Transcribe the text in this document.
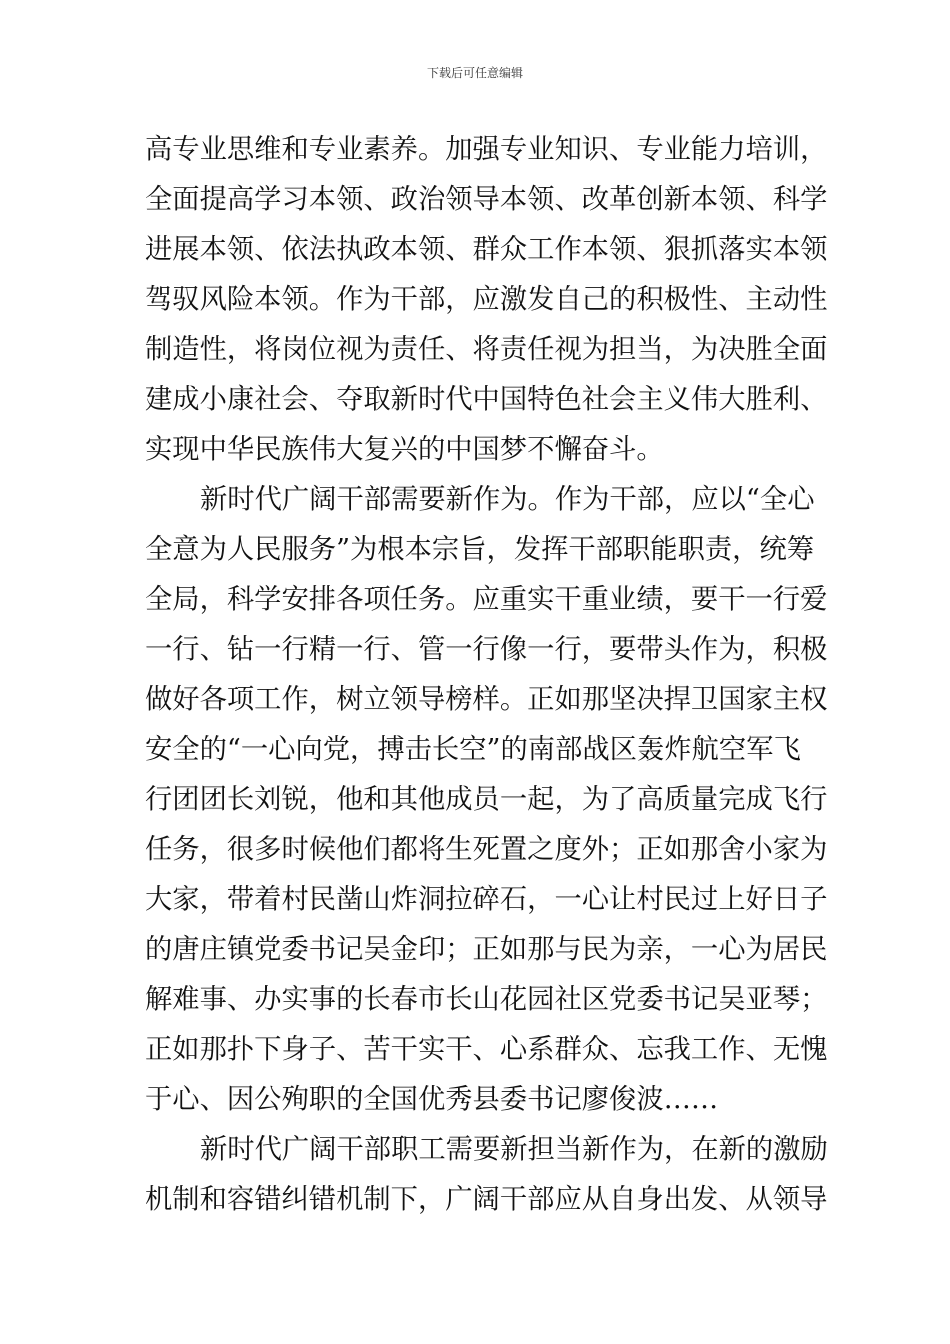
下载后可任意编辑
高专业思维和专业素养。加强专业知识、专业能力培训，
全面提高学习本领、政治领导本领、改革创新本领、科学
进展本领、依法执政本领、群众工作本领、狠抓落实本领
驾驭风险本领。作为干部，应激发自己的积极性、主动性
制造性，将岗位视为责任、将责任视为担当，为决胜全面
建成小康社会、夺取新时代中国特色社会主义伟大胜利、
实现中华民族伟大复兴的中国梦不懈奋斗。
新时代广阔干部需要新作为。作为干部，应以“全心
全意为人民服务”为根本宗旨，发挥干部职能职责，统筹
全局，科学安排各项任务。应重实干重业绩，要干一行爱
一行、钻一行精一行、管一行像一行，要带头作为，积极
做好各项工作，树立领导榜样。正如那坚决捍卫国家主权
安全的“一心向党，搏击长空”的南部战区轰炸航空军飞
行团团长刘锐，他和其他成员一起，为了高质量完成飞行
任务，很多时候他们都将生死置之度外；正如那舍小家为
大家，带着村民凿山炸洞拉碎石，一心让村民过上好日子
的唐庄镇党委书记吴金印；正如那与民为亲，一心为居民
解难事、办实事的长春市长山花园社区党委书记吴亚琴；
正如那扑下身子、苦干实干、心系群众、忘我工作、无愧
于心、因公殉职的全国优秀县委书记廖俊波……
新时代广阔干部职工需要新担当新作为，在新的激励
机制和容错纠错机制下，广阔干部应从自身出发、从领导
